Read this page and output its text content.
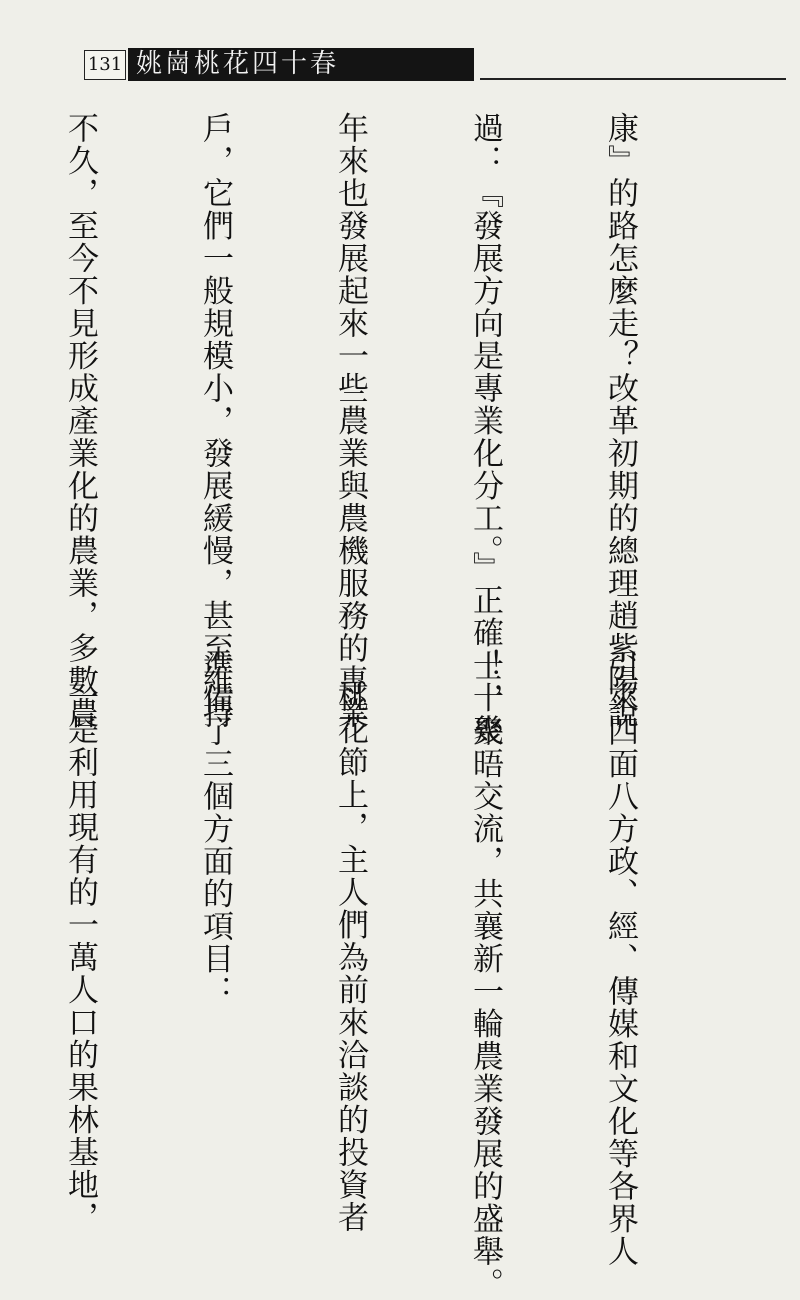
131 姚崗桃花四十春

康』的路怎麼走？改革初期的總理趙紫陽說

過：『發展方向是專業化分工。』正確！十幾

年來也發展起來一些農業與農機服務的專業

戶，它們一般規模小，發展緩慢，甚至維持

不久，至今不見形成產業化的農業，多數農

引來四面八方政、經、傳媒和文化等各界人

士，聚晤交流，共襄新一輪農業發展的盛舉。

桃花節上，主人們為前來洽談的投資者

準備了三個方面的項目：

一是利用現有的一萬人口的果林基地，
